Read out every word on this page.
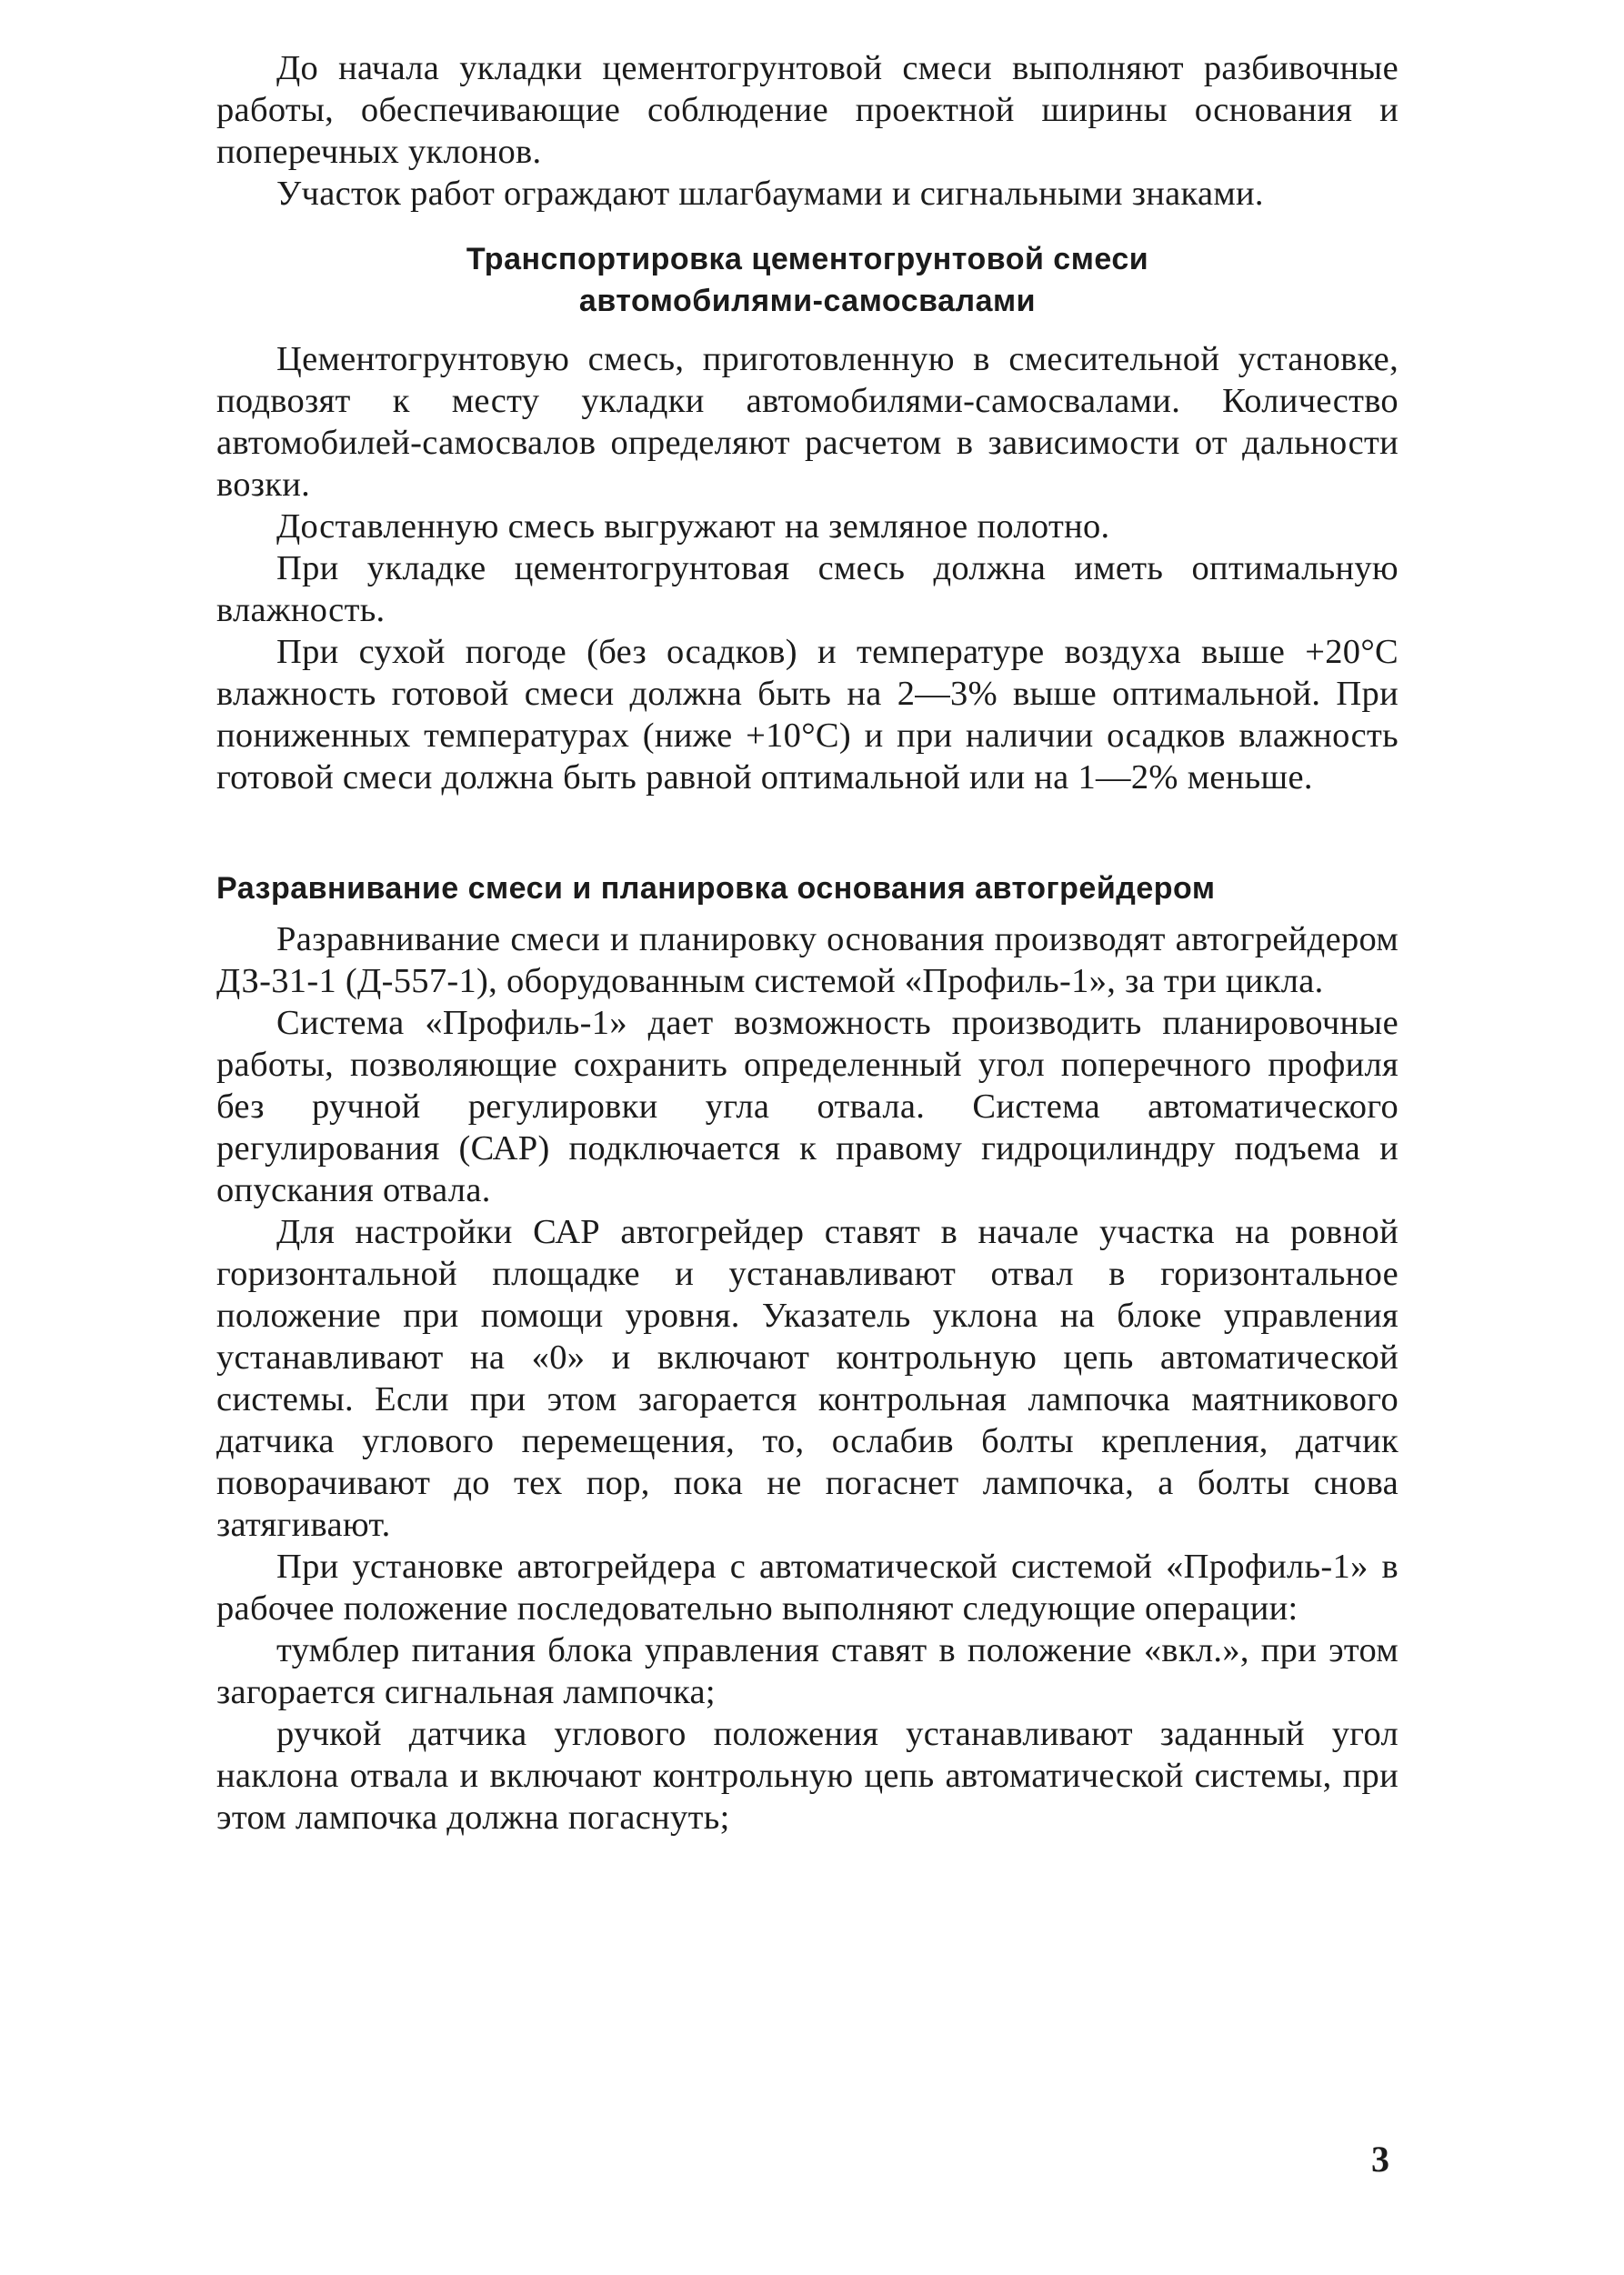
До начала укладки цементогрунтовой смеси выполняют разбивочные работы, обеспечивающие соблюдение проектной ширины основания и поперечных уклонов.

Участок работ ограждают шлагбаумами и сигнальными знаками.

Транспортировка цементогрунтовой смеси
автомобилями-самосвалами

Цементогрунтовую смесь, приготовленную в смесительной установке, подвозят к месту укладки автомобилями-самосвалами. Количество автомобилей-самосвалов определяют расчетом в зависимости от дальности возки.

Доставленную смесь выгружают на земляное полотно.

При укладке цементогрунтовая смесь должна иметь оптимальную влажность.

При сухой погоде (без осадков) и температуре воздуха выше +20°С влажность готовой смеси должна быть на 2—3% выше оптимальной. При пониженных температурах (ниже +10°С) и при наличии осадков влажность готовой смеси должна быть равной оптимальной или на 1—2% меньше.

Разравнивание смеси и планировка основания автогрейдером

Разравнивание смеси и планировку основания производят автогрейдером ДЗ-31-1 (Д-557-1), оборудованным системой «Профиль-1», за три цикла.

Система «Профиль-1» дает возможность производить планировочные работы, позволяющие сохранить определенный угол поперечного профиля без ручной регулировки угла отвала. Система автоматического регулирования (САР) подключается к правому гидроцилиндру подъема и опускания отвала.

Для настройки САР автогрейдер ставят в начале участка на ровной горизонтальной площадке и устанавливают отвал в горизонтальное положение при помощи уровня. Указатель уклона на блоке управления устанавливают на «0» и включают контрольную цепь автоматической системы. Если при этом загорается контрольная лампочка маятникового датчика углового перемещения, то, ослабив болты крепления, датчик поворачивают до тех пор, пока не погаснет лампочка, а болты снова затягивают.

При установке автогрейдера с автоматической системой «Профиль-1» в рабочее положение последовательно выполняют следующие операции:

тумблер питания блока управления ставят в положение «вкл.», при этом загорается сигнальная лампочка;

ручкой датчика углового положения устанавливают заданный угол наклона отвала и включают контрольную цепь автоматической системы, при этом лампочка должна погаснуть;

3
